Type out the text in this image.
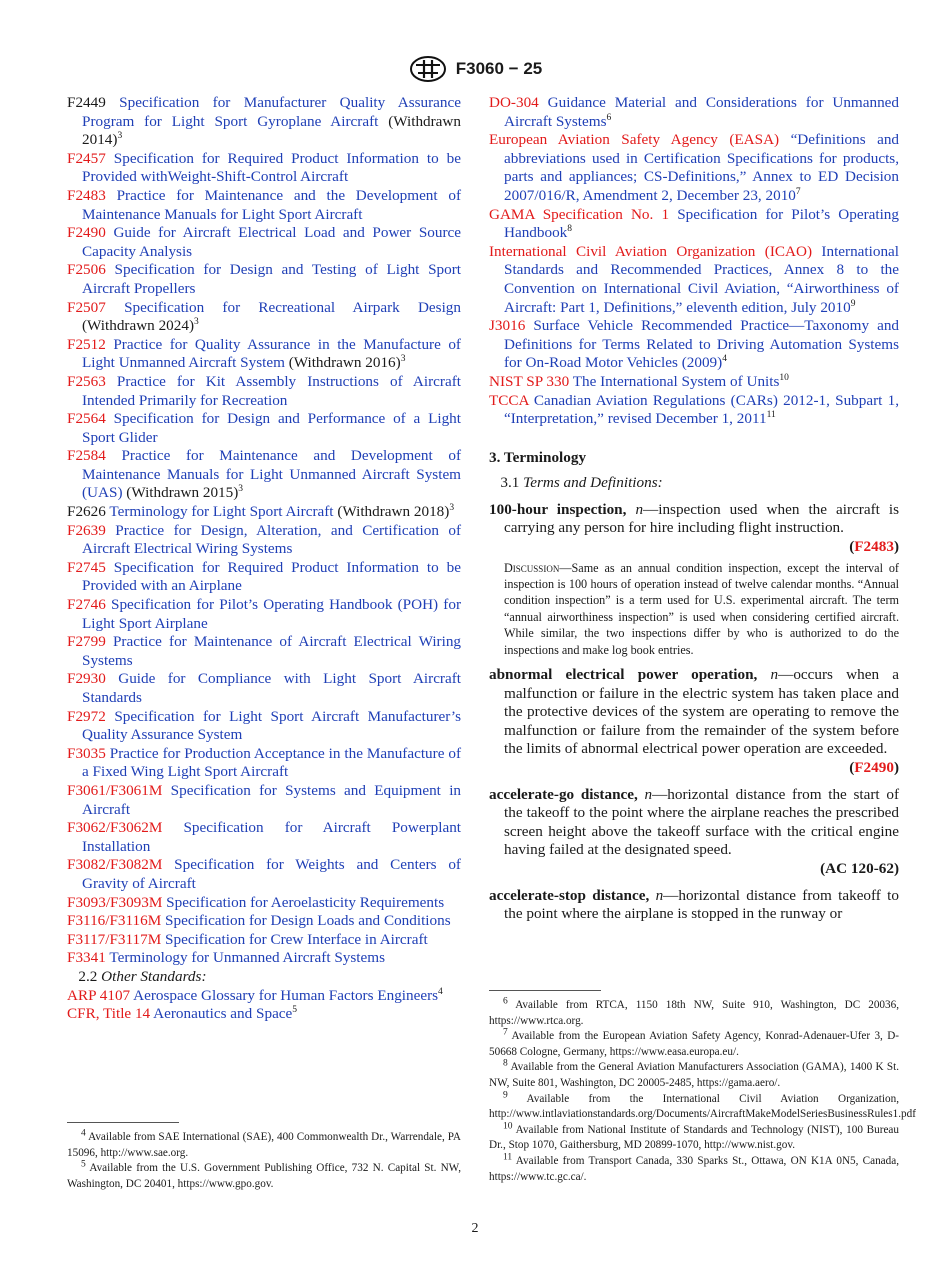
F3060 − 25

F2449 Specification for Manufacturer Quality Assurance Program for Light Sport Gyroplane Aircraft (Withdrawn 2014)$^3$

F2457 Specification for Required Product Information to be Provided withWeight-Shift-Control Aircraft

F2483 Practice for Maintenance and the Development of Maintenance Manuals for Light Sport Aircraft

F2490 Guide for Aircraft Electrical Load and Power Source Capacity Analysis

F2506 Specification for Design and Testing of Light Sport Aircraft Propellers

F2507 Specification for Recreational Airpark Design (Withdrawn 2024)$^3$

F2512 Practice for Quality Assurance in the Manufacture of Light Unmanned Aircraft System (Withdrawn 2016)$^3$

F2563 Practice for Kit Assembly Instructions of Aircraft Intended Primarily for Recreation

F2564 Specification for Design and Performance of a Light Sport Glider

F2584 Practice for Maintenance and Development of Maintenance Manuals for Light Unmanned Aircraft System (UAS) (Withdrawn 2015)$^3$

F2626 Terminology for Light Sport Aircraft (Withdrawn 2018)$^3$

F2639 Practice for Design, Alteration, and Certification of Aircraft Electrical Wiring Systems

F2745 Specification for Required Product Information to be Provided with an Airplane

F2746 Specification for Pilot’s Operating Handbook (POH) for Light Sport Airplane

F2799 Practice for Maintenance of Aircraft Electrical Wiring Systems

F2930 Guide for Compliance with Light Sport Aircraft Standards

F2972 Specification for Light Sport Aircraft Manufacturer’s Quality Assurance System

F3035 Practice for Production Acceptance in the Manufacture of a Fixed Wing Light Sport Aircraft

F3061/F3061M Specification for Systems and Equipment in Aircraft

F3062/F3062M Specification for Aircraft Powerplant Installation

F3082/F3082M Specification for Weights and Centers of Gravity of Aircraft

F3093/F3093M Specification for Aeroelasticity Requirements

F3116/F3116M Specification for Design Loads and Conditions

F3117/F3117M Specification for Crew Interface in Aircraft

F3341 Terminology for Unmanned Aircraft Systems

2.2 Other Standards:

ARP 4107 Aerospace Glossary for Human Factors Engineers$^4$

CFR, Title 14 Aeronautics and Space$^5$

DO-304 Guidance Material and Considerations for Unmanned Aircraft Systems$^6$

European Aviation Safety Agency (EASA) “Definitions and abbreviations used in Certification Specifications for products, parts and appliances; CS-Definitions,” Annex to ED Decision 2007/016/R, Amendment 2, December 23, 2010$^7$

GAMA Specification No. 1 Specification for Pilot’s Operating Handbook$^8$

International Civil Aviation Organization (ICAO) International Standards and Recommended Practices, Annex 8 to the Convention on International Civil Aviation, “Airworthiness of Aircraft: Part 1, Definitions,” eleventh edition, July 2010$^9$

J3016 Surface Vehicle Recommended Practice—Taxonomy and Definitions for Terms Related to Driving Automation Systems for On-Road Motor Vehicles $(2009)^4$

NIST SP 330 The International System of Units$^{10}$

TCCA Canadian Aviation Regulations (CARs) 2012-1, Subpart 1, “Interpretation,” revised December 1, 2011$^{11}$

3. Terminology

3.1 Terms and Definitions:

100-hour inspection, n—inspection used when the aircraft is carrying any person for hire including flight instruction.

(F2483)

Discussion—Same as an annual condition inspection, except the interval of inspection is 100 hours of operation instead of twelve calendar months. “Annual condition inspection” is a term used for U.S. experimental aircraft. The term “annual airworthiness inspection” is used when considering certified aircraft. While similar, the two inspections differ by who is authorized to do the inspections and make log book entries.

abnormal electrical power operation, n—occurs when a malfunction or failure in the electric system has taken place and the protective devices of the system are operating to remove the malfunction or failure from the remainder of the system before the limits of abnormal electrical power operation are exceeded.

(F2490)

accelerate-go distance, n—horizontal distance from the start of the takeoff to the point where the airplane reaches the prescribed screen height above the takeoff surface with the critical engine having failed at the designated speed.

(AC 120-62)

accelerate-stop distance, n—horizontal distance from takeoff to the point where the airplane is stopped in the runway or

$^4$ Available from SAE International (SAE), 400 Commonwealth Dr., Warrendale, PA 15096, http://www.sae.org.

$^5$ Available from the U.S. Government Publishing Office, 732 N. Capital St. NW, Washington, DC 20401, https://www.gpo.gov.

$^6$ Available from RTCA, 1150 18th NW, Suite 910, Washington, DC 20036, https://www.rtca.org.

$^7$ Available from the European Aviation Safety Agency, Konrad-Adenauer-Ufer 3, D-50668 Cologne, Germany, https://www.easa.europa.eu/.

$^8$ Available from the General Aviation Manufacturers Association (GAMA), 1400 K St. NW, Suite 801, Washington, DC 20005-2485, https://gama.aero/.

$^9$ Available from the International Civil Aviation Organization, http://www.intlaviationstandards.org/Documents/AircraftMakeModelSeriesBusinessRules1.pdf

$^{10}$ Available from National Institute of Standards and Technology (NIST), 100 Bureau Dr., Stop 1070, Gaithersburg, MD 20899-1070, http://www.nist.gov.

$^{11}$ Available from Transport Canada, 330 Sparks St., Ottawa, ON K1A 0N5, Canada, https://www.tc.gc.ca/.

2
